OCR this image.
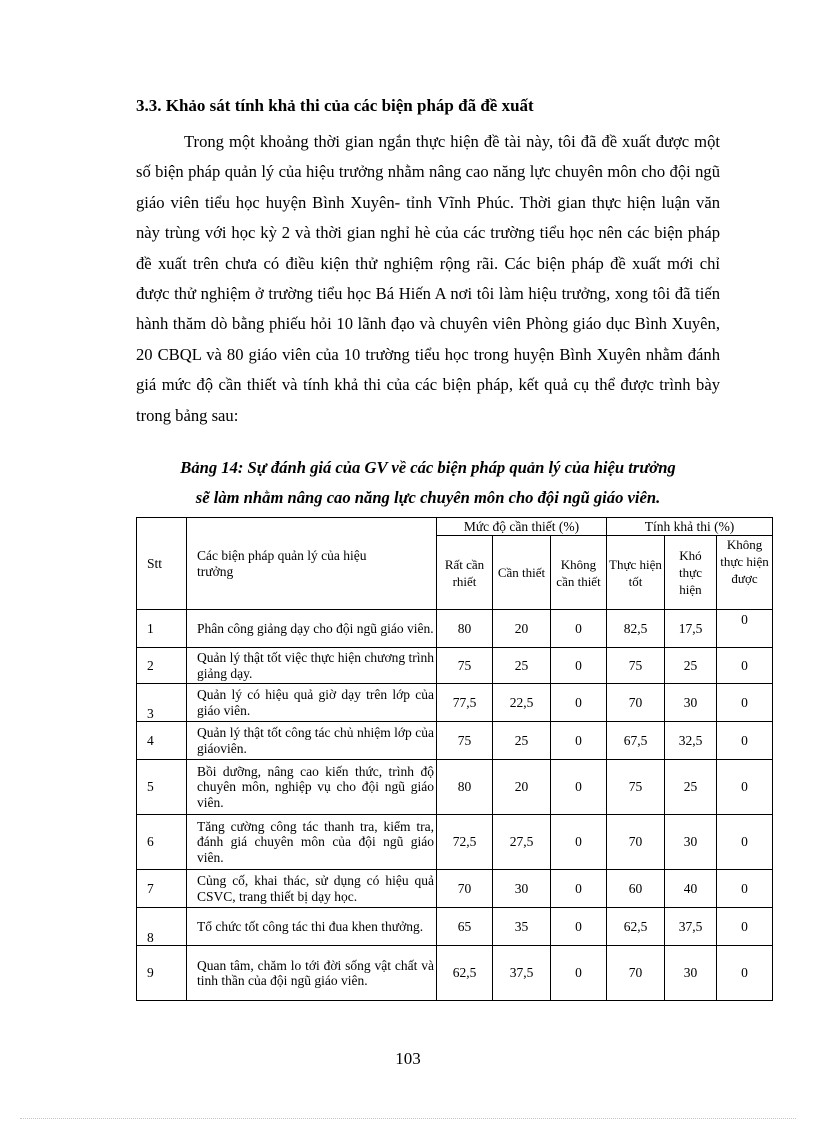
3.3. Khảo sát tính khả thi của các biện pháp đã đề xuất
Trong một khoảng thời gian ngắn thực hiện đề tài này, tôi đã đề xuất được một số biện pháp quản lý của hiệu trưởng nhằm nâng cao năng lực chuyên môn cho đội ngũ giáo viên tiểu học huyện Bình Xuyên- tỉnh Vĩnh Phúc. Thời gian thực hiện luận văn này trùng với học kỳ 2 và thời gian nghỉ hè của các trường tiểu học nên các biện pháp đề xuất trên chưa có điều kiện thử nghiệm rộng rãi. Các biện pháp đề xuất mới chỉ được thử nghiệm ở trường tiểu học Bá Hiến A nơi tôi làm hiệu trưởng, xong tôi đã tiến hành thăm dò bằng phiếu hỏi 10 lãnh đạo và chuyên viên Phòng giáo dục Bình Xuyên, 20 CBQL và 80 giáo viên của 10 trường tiểu học trong huyện Bình Xuyên nhằm đánh giá mức độ cần thiết và tính khả thi của các biện pháp, kết quả cụ thể được trình bày trong bảng sau:
Bảng 14: Sự đánh giá của GV về các biện pháp quản lý của hiệu trưởng
sẽ làm nhằm nâng cao năng lực chuyên môn cho đội ngũ giáo viên.
Stt	Các biện pháp quản lý của hiệu trưởng	Mức độ cần thiết (%)			Tính khả thi (%)		
		Rất cần rhiết	Cần thiết	Không cần thiết	Thực hiện tốt	Khó thực hiện	Không thực hiện được
1	Phân công giảng dạy cho đội ngũ giáo viên.	80	20	0	82,5	17,5	0
2	Quản lý thật tốt việc thực hiện chương trình giảng dạy.	75	25	0	75	25	0
3	Quản lý có hiệu quả giờ dạy trên lớp của giáo viên.	77,5	22,5	0	70	30	0
4	Quản lý thật tốt công tác chủ nhiệm lớp của giáoviên.	75	25	0	67,5	32,5	0
5	Bồi dưỡng, nâng cao kiến thức, trình độ chuyên môn, nghiệp vụ cho đội ngũ giáo viên.	80	20	0	75	25	0
6	Tăng cường công tác thanh tra, kiểm tra, đánh giá chuyên môn của đội ngũ giáo viên.	72,5	27,5	0	70	30	0
7	Củng cố, khai thác, sử dụng có hiệu quả CSVC, trang thiết bị dạy học.	70	30	0	60	40	0
8	Tổ chức tốt công tác thi đua khen thưởng.	65	35	0	62,5	37,5	0
9	Quan tâm, chăm lo tới đời sống vật chất và tinh thần của đội ngũ giáo viên.	62,5	37,5	0	70	30	0
103
